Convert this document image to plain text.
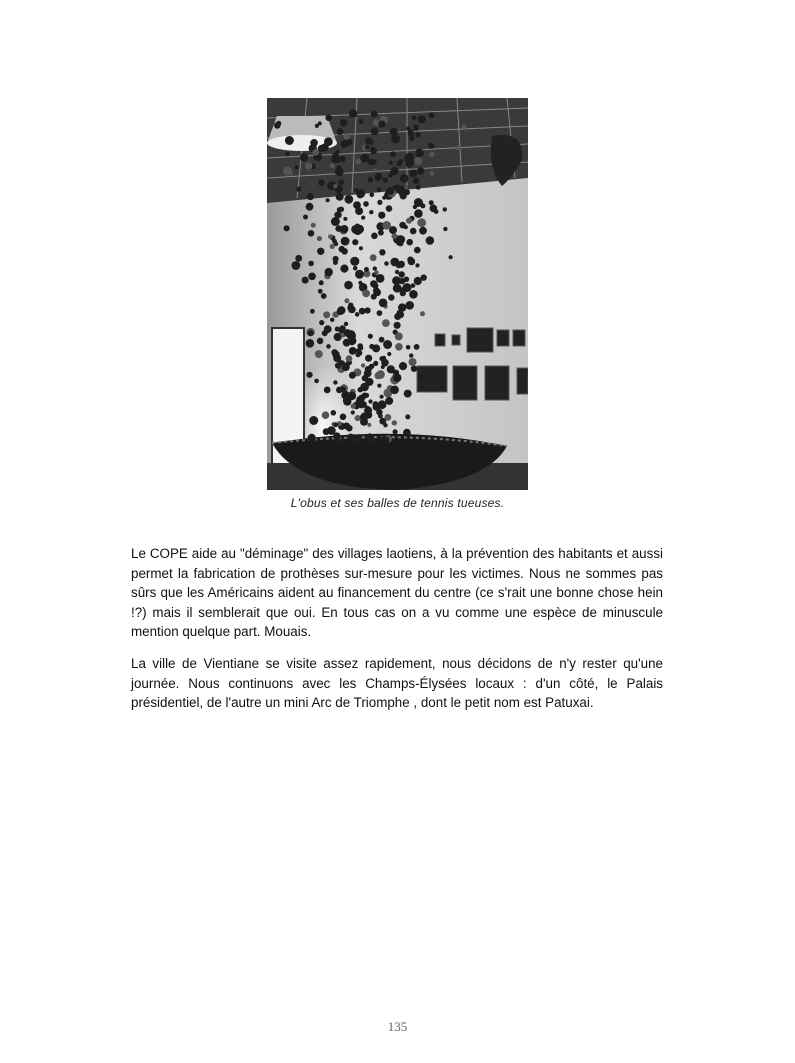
L'obus et ses balles de tennis tueuses.

Le COPE aide au "déminage" des villages laotiens, à la prévention des habitants et aussi permet la fabrication de prothèses sur-mesure pour les victimes. Nous ne sommes pas sûrs que les Américains aident au financement du centre (ce s'rait une bonne chose hein !?) mais il semblerait que oui. En tous cas on a vu comme une espèce de minuscule mention quelque part. Mouais.

La ville de Vientiane se visite assez rapidement, nous décidons de n'y rester qu'une journée. Nous continuons avec les Champs-Élysées locaux : d'un côté, le Palais présidentiel, de l'autre un mini Arc de Triomphe , dont le petit nom est Patuxai.

135
